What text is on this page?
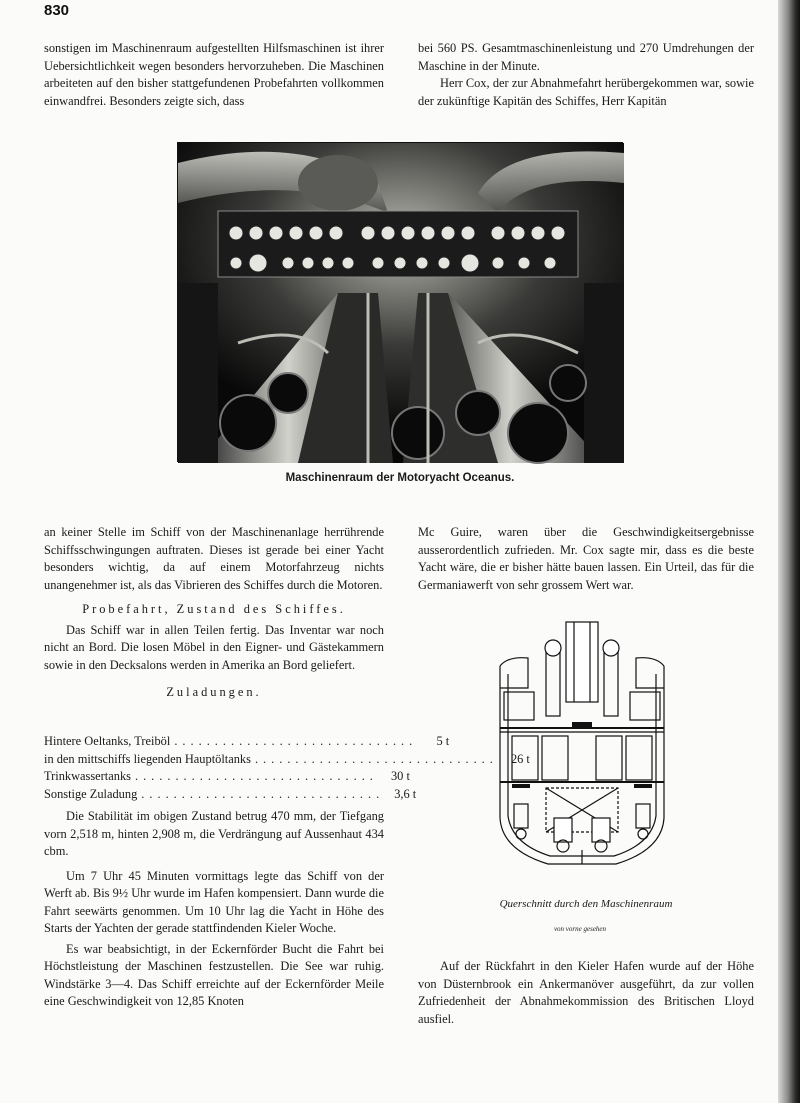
830

sonstigen im Maschinenraum aufgestellten Hilfsmaschinen ist ihrer Uebersichtlichkeit wegen besonders hervorzuheben. Die Maschinen arbeiteten auf den bisher stattgefundenen Probefahrten vollkommen einwandfrei. Besonders zeigte sich, dass

bei 560 PS. Gesamtmaschinenleistung und 270 Umdrehungen der Maschine in der Minute.

Herr Cox, der zur Abnahmefahrt herübergekommen war, sowie der zukünftige Kapitän des Schiffes, Herr Kapitän

Maschinenraum der Motoryacht Oceanus.

an keiner Stelle im Schiff von der Maschinenanlage herrührende Schiffsschwingungen auftraten. Dieses ist gerade bei einer Yacht besonders wichtig, da auf einem Motorfahrzeug nichts unangenehmer ist, als das Vibrieren des Schiffes durch die Motoren.

Probefahrt, Zustand des Schiffes.

Das Schiff war in allen Teilen fertig. Das Inventar war noch nicht an Bord. Die losen Möbel in den Eigner- und Gästekammern sowie in den Decksalons werden in Amerika an Bord geliefert.

Zuladungen.

Hintere Oeltanks, Treiböl ..............................	5 t
in den mittschiffs liegenden Hauptöltanks ..............................	26 t
Trinkwassertanks ..............................	30 t
Sonstige Zuladung .............................. 3,6 t

Die Stabilität im obigen Zustand betrug 470 mm, der Tiefgang vorn 2,518 m, hinten 2,908 m, die Verdrängung auf Aussenhaut 434 cbm.

Um 7 Uhr 45 Minuten vormittags legte das Schiff von der Werft ab. Bis 9½ Uhr wurde im Hafen kompensiert. Dann wurde die Fahrt seewärts genommen. Um 10 Uhr lag die Yacht in Höhe des Starts der Yachten der gerade stattfindenden Kieler Woche.

Es war beabsichtigt, in der Eckernförder Bucht die Fahrt bei Höchstleistung der Maschinen festzustellen. Die See war ruhig. Windstärke 3—4. Das Schiff erreichte auf der Eckernförder Meile eine Geschwindigkeit von 12,85 Knoten

Mc Guire, waren über die Geschwindigkeitsergebnisse ausserordentlich zufrieden. Mr. Cox sagte mir, dass es die beste Yacht wäre, die er bisher hätte bauen lassen. Ein Urteil, das für die Germaniawerft von sehr grossem Wert war.

Querschnitt durch den Maschinenraum
von vorne gesehen

Auf der Rückfahrt in den Kieler Hafen wurde auf der Höhe von Düsternbrook ein Ankermanöver ausgeführt, da zur vollen Zufriedenheit der Abnahmekommission des Britischen Lloyd ausfiel.
